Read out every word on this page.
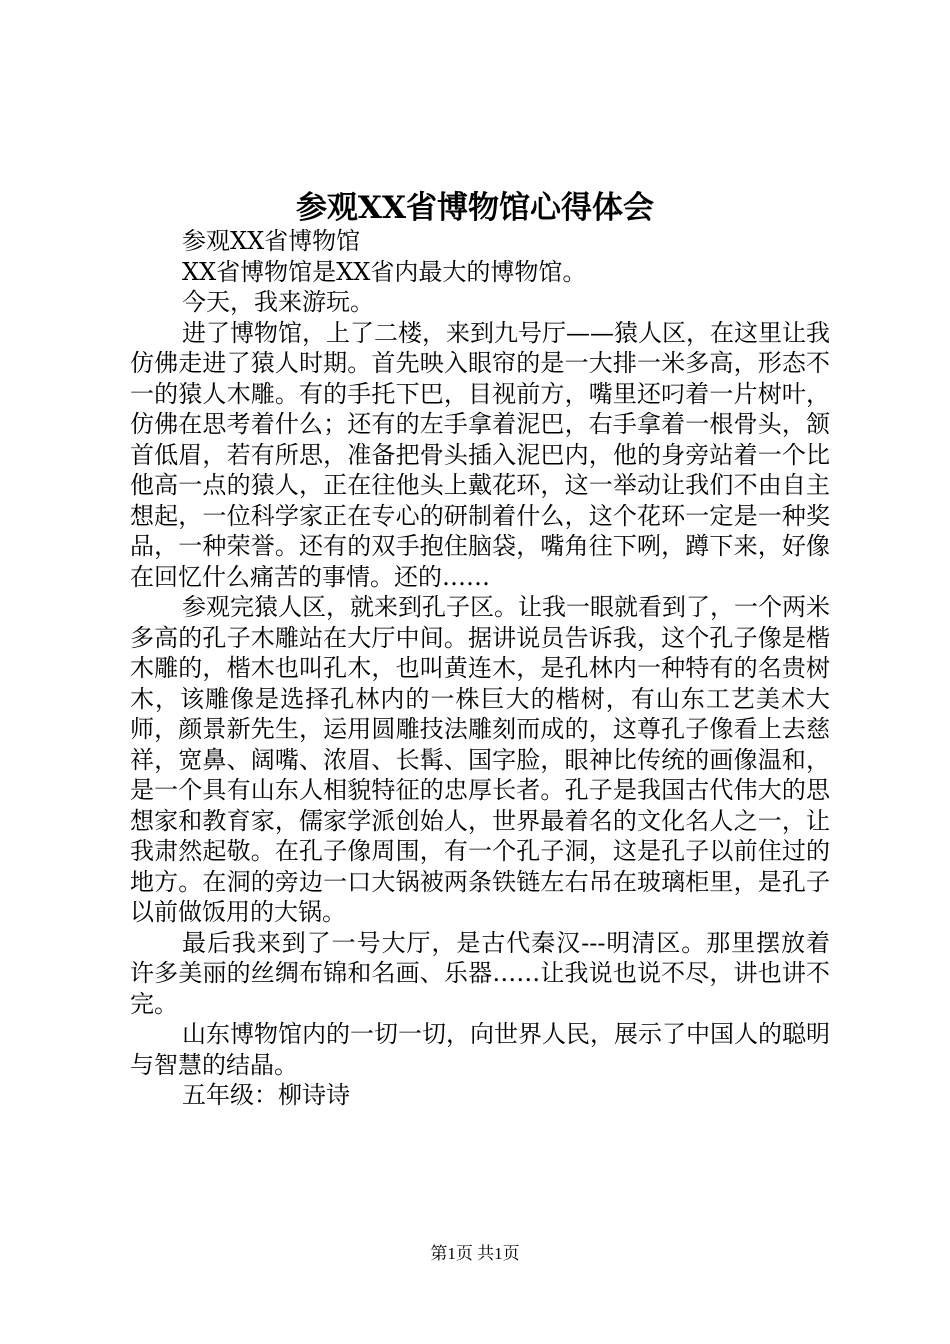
参观XX省博物馆心得体会

参观XX省博物馆

XX省博物馆是XX省内最大的博物馆。

今天，我来游玩。

进了博物馆，上了二楼，来到九号厅——猿人区，在这里让我仿佛走进了猿人时期。首先映入眼帘的是一大排一米多高，形态不一的猿人木雕。有的手托下巴，目视前方，嘴里还叼着一片树叶，仿佛在思考着什么；还有的左手拿着泥巴，右手拿着一根骨头，颔首低眉，若有所思，准备把骨头插入泥巴内，他的身旁站着一个比他高一点的猿人，正在往他头上戴花环，这一举动让我们不由自主想起，一位科学家正在专心的研制着什么，这个花环一定是一种奖品，一种荣誉。还有的双手抱住脑袋，嘴角往下咧，蹲下来，好像在回忆什么痛苦的事情。还的……

参观完猿人区，就来到孔子区。让我一眼就看到了，一个两米多高的孔子木雕站在大厅中间。据讲说员告诉我，这个孔子像是楷木雕的，楷木也叫孔木，也叫黄连木，是孔林内一种特有的名贵树木，该雕像是选择孔林内的一株巨大的楷树，有山东工艺美术大师，颜景新先生，运用圆雕技法雕刻而成的，这尊孔子像看上去慈祥，宽鼻、阔嘴、浓眉、长髯、国字脸，眼神比传统的画像温和，是一个具有山东人相貌特征的忠厚长者。孔子是我国古代伟大的思想家和教育家，儒家学派创始人，世界最着名的文化名人之一，让我肃然起敬。在孔子像周围，有一个孔子洞，这是孔子以前住过的地方。在洞的旁边一口大锅被两条铁链左右吊在玻璃柜里，是孔子以前做饭用的大锅。

最后我来到了一号大厅，是古代秦汉---明清区。那里摆放着许多美丽的丝绸布锦和名画、乐器……让我说也说不尽，讲也讲不完。

山东博物馆内的一切一切，向世界人民，展示了中国人的聪明与智慧的结晶。

五年级：柳诗诗

第1页 共1页
